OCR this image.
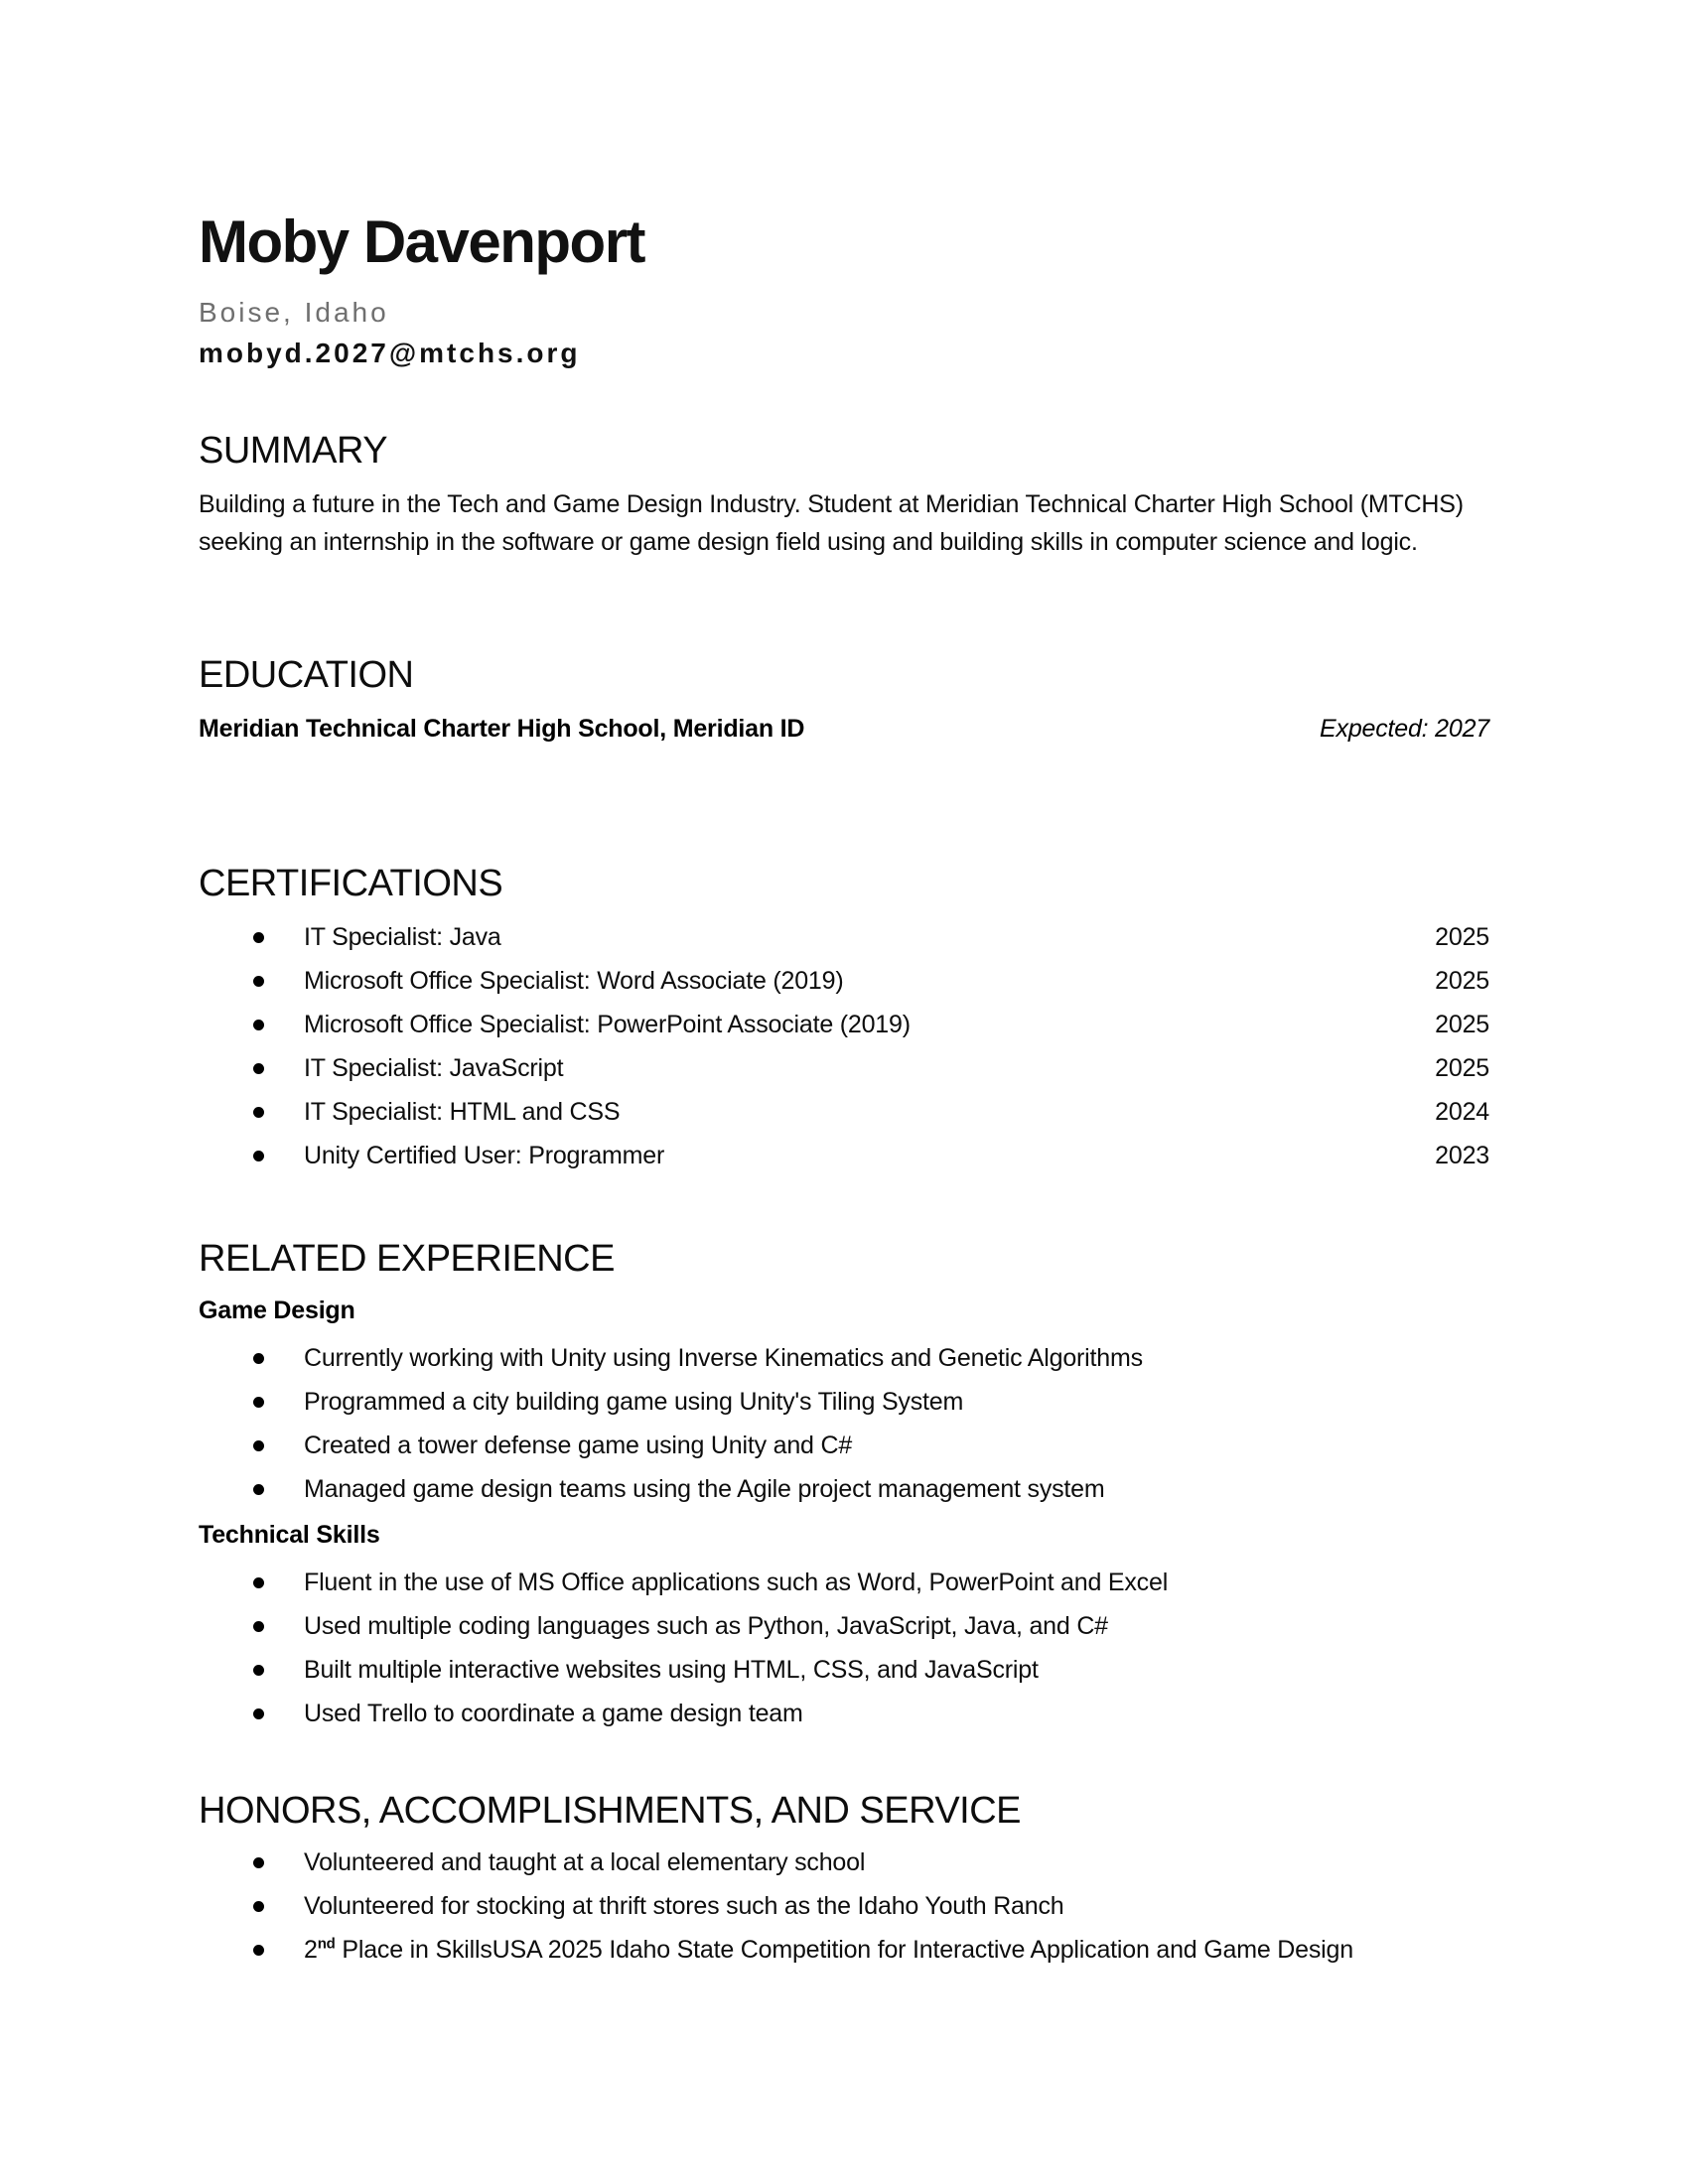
Moby Davenport
Boise, Idaho
mobyd.2027@mtchs.org
SUMMARY

Building a future in the Tech and Game Design Industry. Student at Meridian Technical Charter High School (MTCHS) seeking an internship in the software or game design field using and building skills in computer science and logic.

EDUCATION
Meridian Technical Charter High School, Meridian ID	Expected: 2027
CERTIFICATIONS
IT Specialist: Java	2025
Microsoft Office Specialist: Word Associate (2019)	2025
Microsoft Office Specialist: PowerPoint Associate (2019)	2025
IT Specialist: JavaScript	2025
IT Specialist: HTML and CSS	2024
Unity Certified User: Programmer	2023
RELATED EXPERIENCE
Game Design
Currently working with Unity using Inverse Kinematics and Genetic Algorithms
Programmed a city building game using Unity's Tiling System
Created a tower defense game using Unity and C#
Managed game design teams using the Agile project management system
Technical Skills
Fluent in the use of MS Office applications such as Word, PowerPoint and Excel
Used multiple coding languages such as Python, JavaScript, Java, and C#
Built multiple interactive websites using HTML, CSS, and JavaScript
Used Trello to coordinate a game design team
HONORS, ACCOMPLISHMENTS, AND SERVICE
Volunteered and taught at a local elementary school
Volunteered for stocking at thrift stores such as the Idaho Youth Ranch
2nd Place in SkillsUSA 2025 Idaho State Competition for Interactive Application and Game Design
